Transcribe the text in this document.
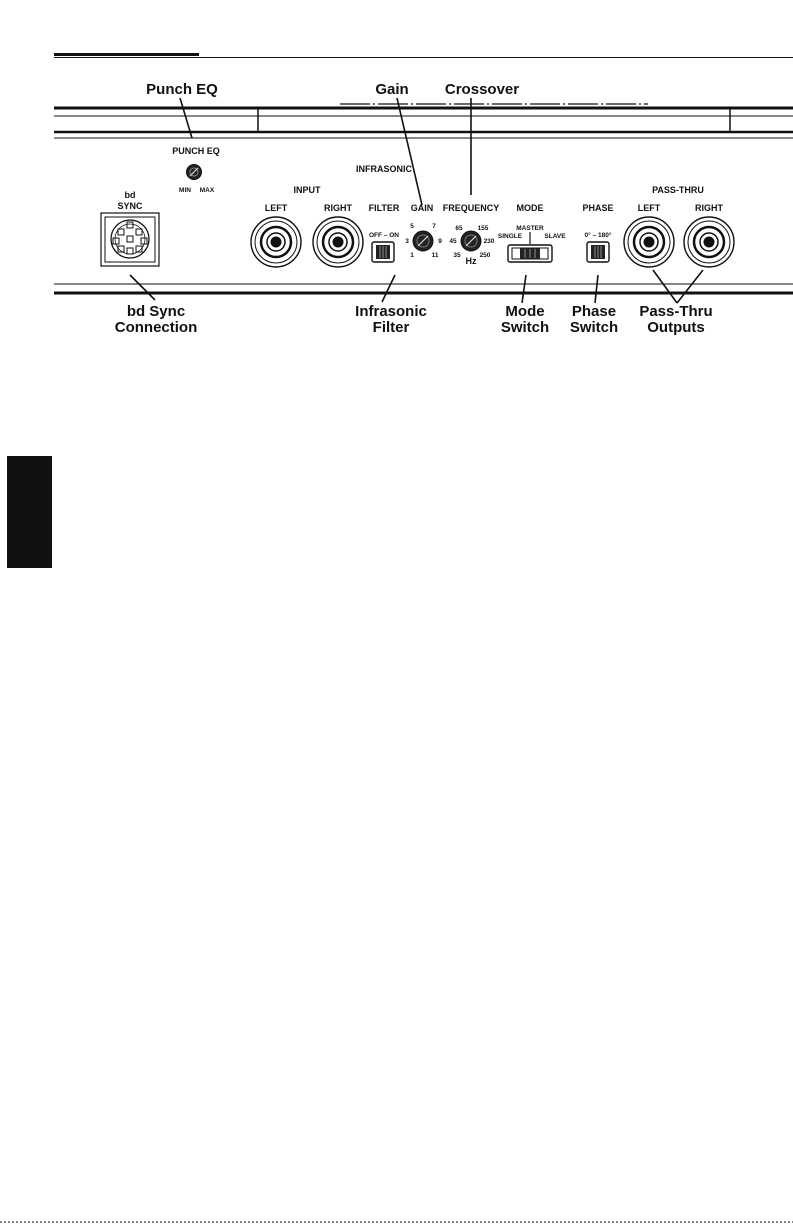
Punch EQ	Gain Crossover
bd Sync
Connection
Infrasonic
Filter
Mode
Switch
Phase
Switch
Pass-Thru
Outputs
PUNCH EQ
MIN MAX
bd
SYNC
INPUT
LEFT	RIGHT
INFRASONIC
FILTER
OFF – ON
GAIN
5	7
3	9
1	11
FREQUENCY
65 155
45	230
35	250
Hz
MODE
MASTER
SINGLE	SLAVE
PHASE
0° – 180°
PASS-THRU
LEFT	RIGHT
